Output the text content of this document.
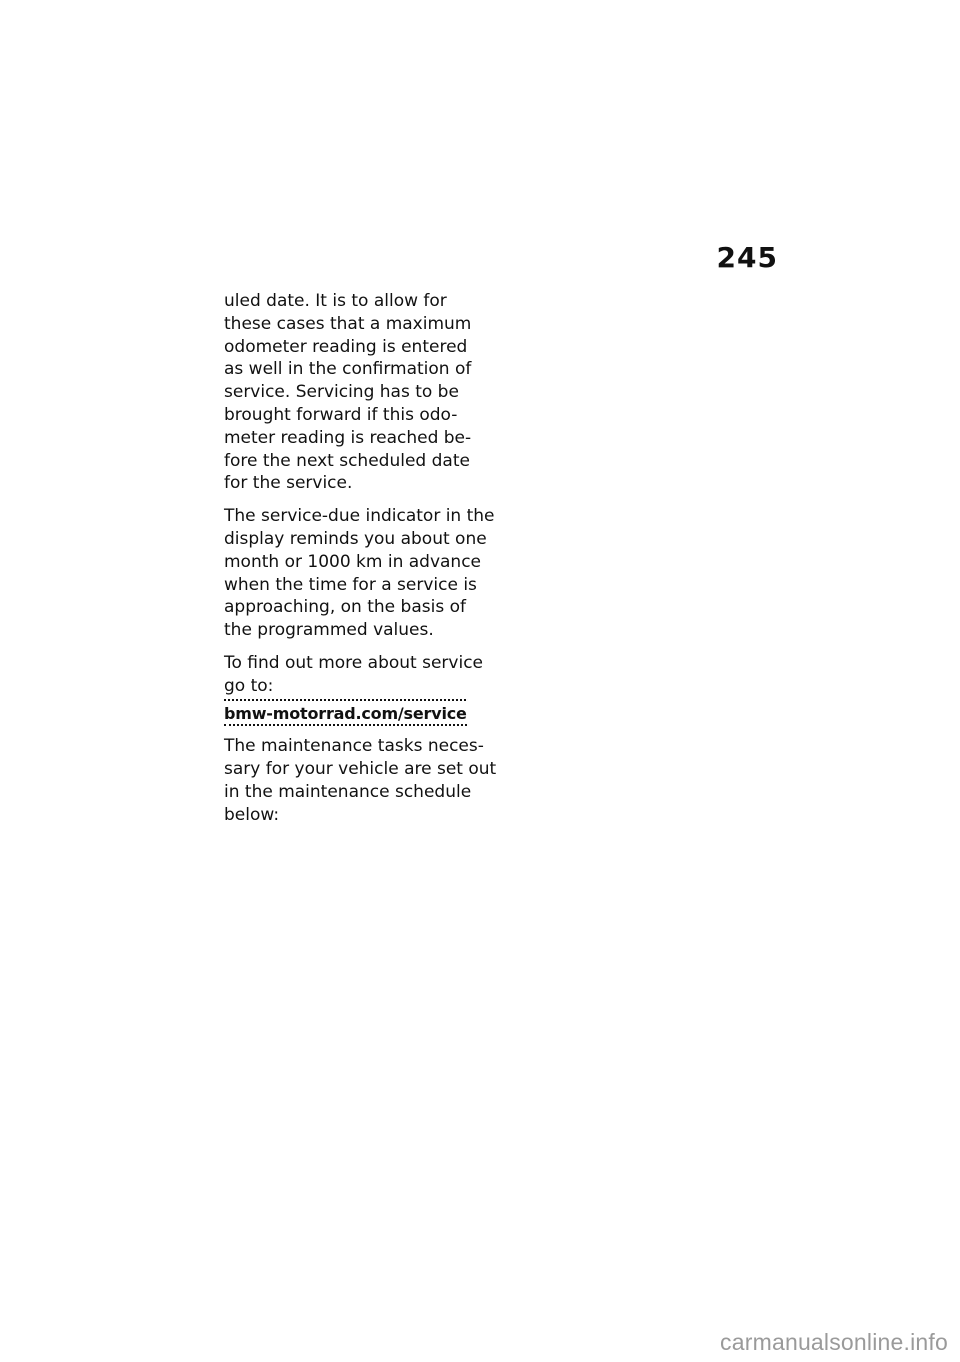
245

uled date. It is to allow for
these cases that a maximum
odometer reading is entered
as well in the confirmation of
service. Servicing has to be
brought forward if this odo-
meter reading is reached be-
fore the next scheduled date
for the service.

The service-due indicator in the
display reminds you about one
month or 1000 km in advance
when the time for a service is
approaching, on the basis of
the programmed values.

To find out more about service
go to:
bmw-motorrad.com/service

The maintenance tasks neces-
sary for your vehicle are set out
in the maintenance schedule
below:

carmanualsonline.info
